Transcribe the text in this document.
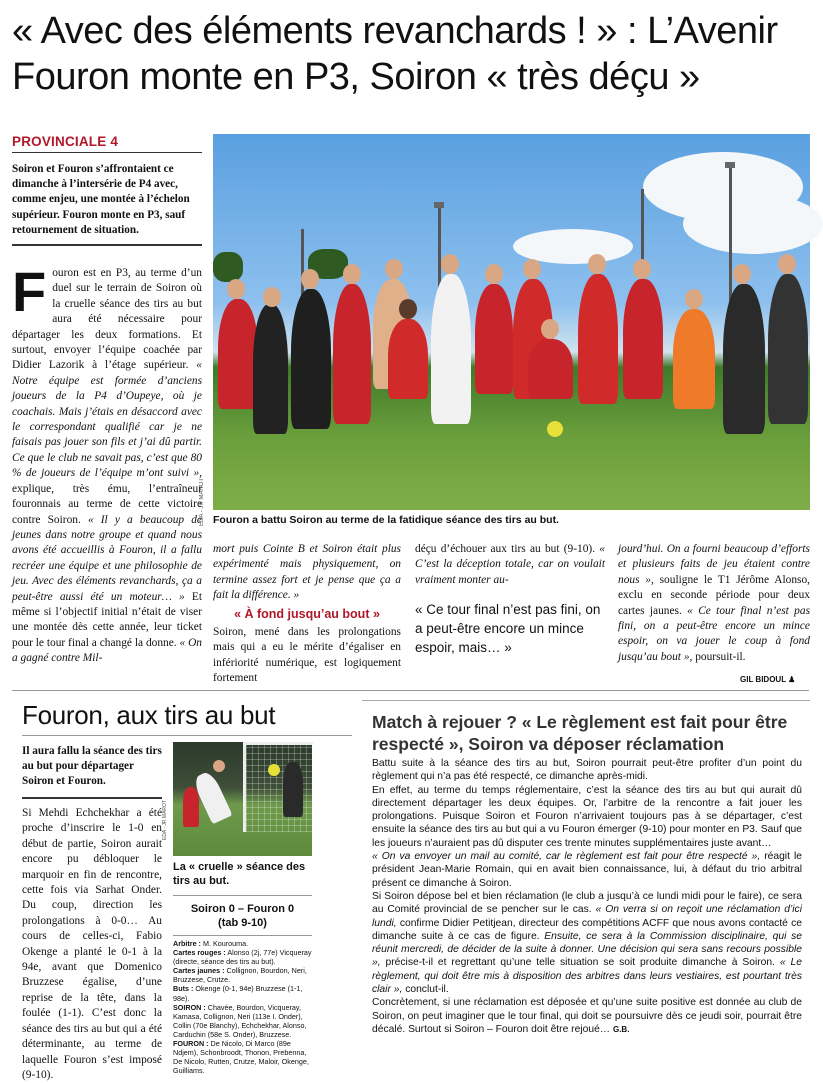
« Avec des éléments revanchards ! » : L’Avenir Fouron monte en P3, Soiron « très déçu »
PROVINCIALE 4
Soiron et Fouron s’affrontaient ce dimanche à l’intersérie de P4 avec, comme enjeu, une montée à l’échelon supérieur. Fouron monte en P3, sauf retournement de situation.
EDA - JR MAROT Fouron a battu Soiron au terme de la fatidique séance des tirs au but.
Fouron est en P3, au terme d’un duel sur le terrain de Soiron où la cruelle séance des tirs au but aura été nécessaire pour départager les deux formations. Et surtout, envoyer l’équipe coachée par Didier Lazorik à l’étage supérieur. « Notre équipe est formée d’anciens joueurs de la P4 d’Oupeye, où je coachais. Mais j’étais en désaccord avec le correspondant qualifié car je ne faisais pas jouer son fils et j’ai dû partir. Ce que le club ne savait pas, c’est que 80 % de joueurs de l’équipe m’ont suivi », explique, très ému, l’entraîneur fouronnais au terme de cette victoire contre Soiron. « Il y a beaucoup de jeunes dans notre groupe et quand nous avons été accueillis à Fouron, il a fallu recréer une équipe et une philosophie de jeu. Avec des éléments revanchards, ça a peut-être aussi été un moteur… » Et même si l’objectif initial n’était de viser une montée dès cette année, leur ticket pour le tour final a changé la donne. « On a gagné contre Mil-
mort puis Cointe B et Soiron était plus expérimenté mais physiquement, on termine assez fort et je pense que ça a fait la différence. »
« À fond jusqu’au bout »
Soiron, mené dans les prolongations mais qui a eu le mérite d’égaliser en infériorité numérique, est logiquement fortement
déçu d’échouer aux tirs au but (9-10). « C’est la déception totale, car on voulait vraiment monter au-
« Ce tour final n’est pas fini, on a peut-être encore un mince espoir, mais… »
jourd’hui. On a fourni beaucoup d’efforts et plusieurs faits de jeu étaient contre nous », souligne le T1 Jérôme Alonso, exclu en seconde période pour deux cartes jaunes. « Ce tour final n’est pas fini, on a peut-être encore un mince espoir, on va jouer le coup à fond jusqu’au bout », poursuit-il.
GIL BIDOUL ♟
Fouron, aux tirs au but
Il aura fallu la séance des tirs au but pour départager Soiron et Fouron.
Si Mehdi Echchekhar a été proche d’inscrire le 1-0 en début de partie, Soiron aurait encore pu débloquer le marquoir en fin de rencontre, cette fois via Sarhat Onder. Du coup, direction les prolongations à 0-0… Au cours de celles-ci, Fabio Okenge a planté le 0-1 à la 94e, avant que Domenico Bruzzese égalise, d’une reprise de la tête, dans la foulée (1-1). C’est donc la séance des tirs au but qui a été déterminante, au terme de laquelle Fouron s’est imposé (9-10).
EDA - JR MAROT
La « cruelle » séance des tirs au but.
Soiron 0 – Fouron 0
(tab 9-10)
Arbitre : M. Kourouma.
Cartes rouges : Alonso (2j, 77e) Vicqueray (directe, séance des tirs au but).
Cartes jaunes : Collignon, Bourdon, Neri, Bruzzese, Crutze.
Buts : Okenge (0-1, 94e) Bruzzese (1-1, 98e).
SOIRON : Chavée, Bourdon, Vicqueray, Kamasa, Collignon, Neri (113e I. Onder), Collin (70e Blanchy), Echchekhar, Alonso, Carduchin (58e S. Onder), Bruzzese.
FOURON : De Nicolo, Di Marco (89e Ndjem), Schonbroodt, Thonon, Prebenna, De Nicolo, Rutten, Crutze, Maloir, Okenge, Guilliams.
Match à rejouer ? « Le règlement est fait pour être respecté », Soiron va déposer réclamation

Battu suite à la séance des tirs au but, Soiron pourrait peut-être profiter d’un point du règlement qui n’a pas été respecté, ce dimanche après-midi.

En effet, au terme du temps réglementaire, c’est la séance des tirs au but qui aurait dû directement départager les deux équipes. Or, l’arbitre de la rencontre a fait jouer les prolongations. Puisque Soiron et Fouron n’arrivaient toujours pas à se départager, c’est ensuite la séance des tirs au but qui a vu Fouron émerger (9-10) pour monter en P3. Sauf que les joueurs n’auraient pas dû disputer ces trente minutes supplémentaires juste avant…

« On va envoyer un mail au comité, car le règlement est fait pour être respecté », réagit le président Jean-Marie Romain, qui en avait bien connaissance, lui, à défaut du trio arbitral présent ce dimanche à Soiron.

Si Soiron dépose bel et bien réclamation (le club a jusqu’à ce lundi midi pour le faire), ce sera au Comité provincial de se pencher sur le cas. « On verra si on reçoit une réclamation d’ici lundi, confirme Didier Petitjean, directeur des compétitions ACFF que nous avons contacté ce dimanche suite à ce cas de figure. Ensuite, ce sera à la Commission disciplinaire, qui se réunit mercredi, de décider de la suite à donner. Une décision qui sera sans recours possible », précise-t-il et regrettant qu’une telle situation se soit produite dimanche à Soiron. « Le règlement, qui doit être mis à disposition des arbitres dans leurs vestiaires, est pourtant très clair », conclut-il.

Concrètement, si une réclamation est déposée et qu’une suite positive est donnée au club de Soiron, on peut imaginer que le tour final, qui doit se poursuivre dès ce jeudi soir, pourrait être décalé. Surtout si Soiron – Fouron doit être rejoué… G.B.
